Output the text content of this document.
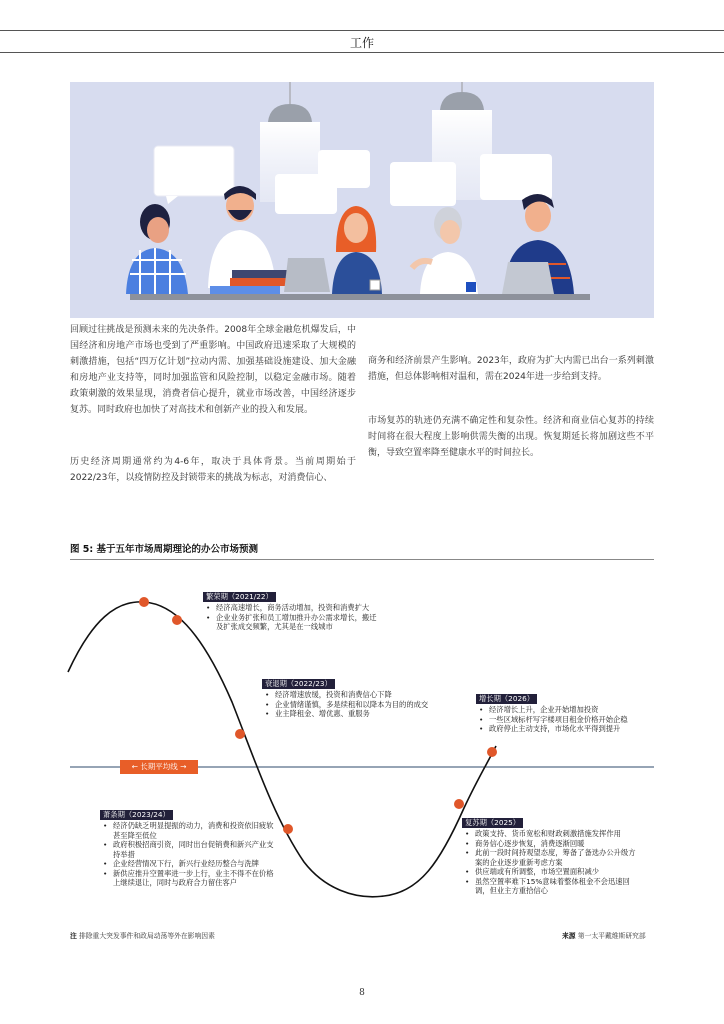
工作

回顾过往挑战是预测未来的先决条件。2008年全球金融危机爆发后，中国经济和房地产市场也受到了严重影响。中国政府迅速采取了大规模的刺激措施，包括“四万亿计划”拉动内需、加强基础设施建设、加大金融和房地产业支持等，同时加强监管和风险控制，以稳定金融市场。随着政策刺激的效果显现，消费者信心提升，就业市场改善，中国经济逐步复苏。同时政府也加快了对高技术和创新产业的投入和发展。

历史经济周期通常约为4-6年，取决于具体背景。当前周期始于2022/23年，以疫情防控及封锁带来的挑战为标志，对消费信心、

商务和经济前景产生影响。2023年，政府为扩大内需已出台一系列刺激措施，但总体影响相对温和，需在2024年进一步给到支持。

市场复苏的轨迹仍充满不确定性和复杂性。经济和商业信心复苏的持续时间将在很大程度上影响供需失衡的出现。恢复期延长将加剧这些不平衡，导致空置率降至健康水平的时间拉长。

图 5: 基于五年市场周期理论的办公市场预测
← 长期平均线 →
繁荣期（2021/22）
• 经济高速增长，商务活动增加，投资和消费扩大
• 企业业务扩张和员工增加推升办公需求增长，搬迁及扩张成交频繁，尤其是在一线城市
衰退期（2022/23）
• 经济增速放缓，投资和消费信心下降
• 企业情绪谨慎，多是续租和以降本为目的的成交
• 业主降租金、增优惠、重服务
增长期（2026）
• 经济增长上升，企业开始增加投资
• 一些区域标杆写字楼项目租金价格开始企稳
• 政府停止主动支持，市场化水平得到提升
萧条期（2023/24）
• 经济仍缺乏明显提振的动力，消费和投资依旧疲软甚至降至低位
• 政府积极招商引资，同时出台促销费和新兴产业支持举措
• 企业经营情况下行，新兴行业经历整合与洗牌
• 新供应推升空置率进一步上行，业主不得不在价格上继续退让，同时与政府合力留住客户
复苏期（2025）
• 政策支持、货币宽松和财政刺激措施发挥作用
• 商务信心逐步恢复，消费逐渐回暖
• 此前一段时间持观望态度，筹备了备选办公升级方案的企业逐步重新考虑方案
• 供应端或有所调整，市场空置面积减少
• 虽然空置率难下15%意味着整体租金不会迅速回调，但业主方重拾信心
注 排除重大突发事件和政局动荡等外在影响因素	来源 第一太平戴维斯研究部
8
